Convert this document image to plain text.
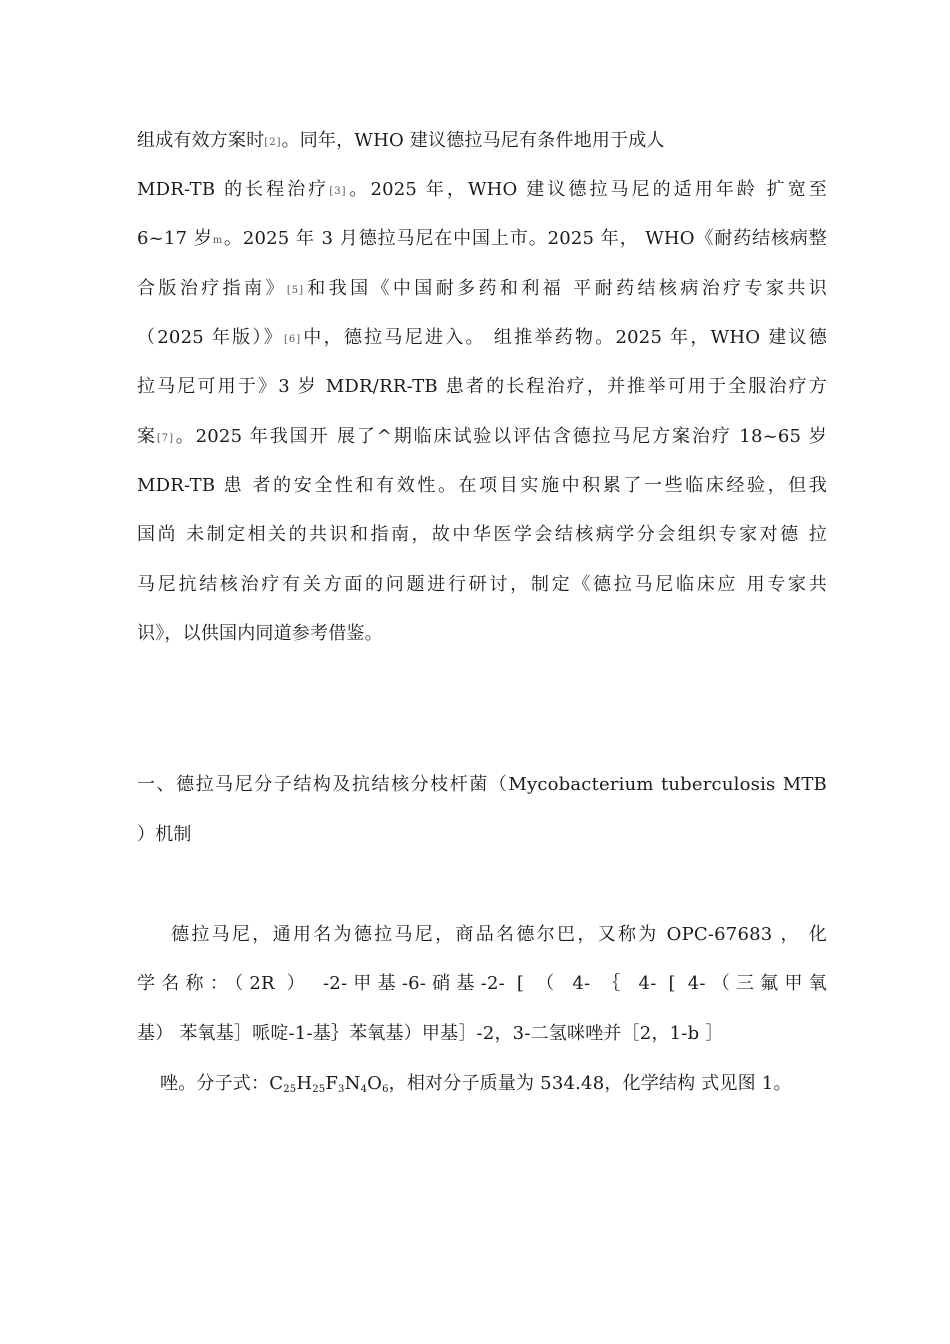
组成有效方案时[2]。同年，WHO 建议德拉马尼有条件地用于成人
MDR-TB 的长程治疗[3]。2025 年，WHO 建议德拉马尼的适用年龄 扩宽至
6~17 岁m。2025 年 3 月德拉马尼在中国上市。2025 年， WHO《耐药结核病整
合版治疗指南》[5]和我国《中国耐多药和利福 平耐药结核病治疗专家共识
（2025 年版）》[6]中，德拉马尼进入。 组推举药物。2025 年，WHO 建议德
拉马尼可用于》3 岁 MDR/RR-TB 患者的长程治疗，并推举可用于全服治疗方
案[7]。2025 年我国开 展了^期临床试验以评估含德拉马尼方案治疗 18~65 岁
MDR-TB 患 者的安全性和有效性。在项目实施中积累了一些临床经验，但我
国尚 未制定相关的共识和指南，故中华医学会结核病学分会组织专家对德 拉
马尼抗结核治疗有关方面的问题进行研讨，制定《德拉马尼临床应 用专家共
识》，以供国内同道参考借鉴。
一、德拉马尼分子结构及抗结核分枝杆菌（Mycobacterium tuberculosis MTB
）机制
德拉马尼，通用名为德拉马尼，商品名德尔巴，又称为 OPC-67683 ， 化
学名称：（2R ） -2-甲基-6-硝基-2- [ （ 4- ｛ 4- [ 4-（三氟甲氧
基） 苯氧基］哌啶-1-基｝苯氧基）甲基］-2，3-二氢咪唑并［2，1-b ］
唑。分子式：$C_{25}H_{25}F_3N_4O_6$，相对分子质量为 534.48，化学结构 式见图 1。
